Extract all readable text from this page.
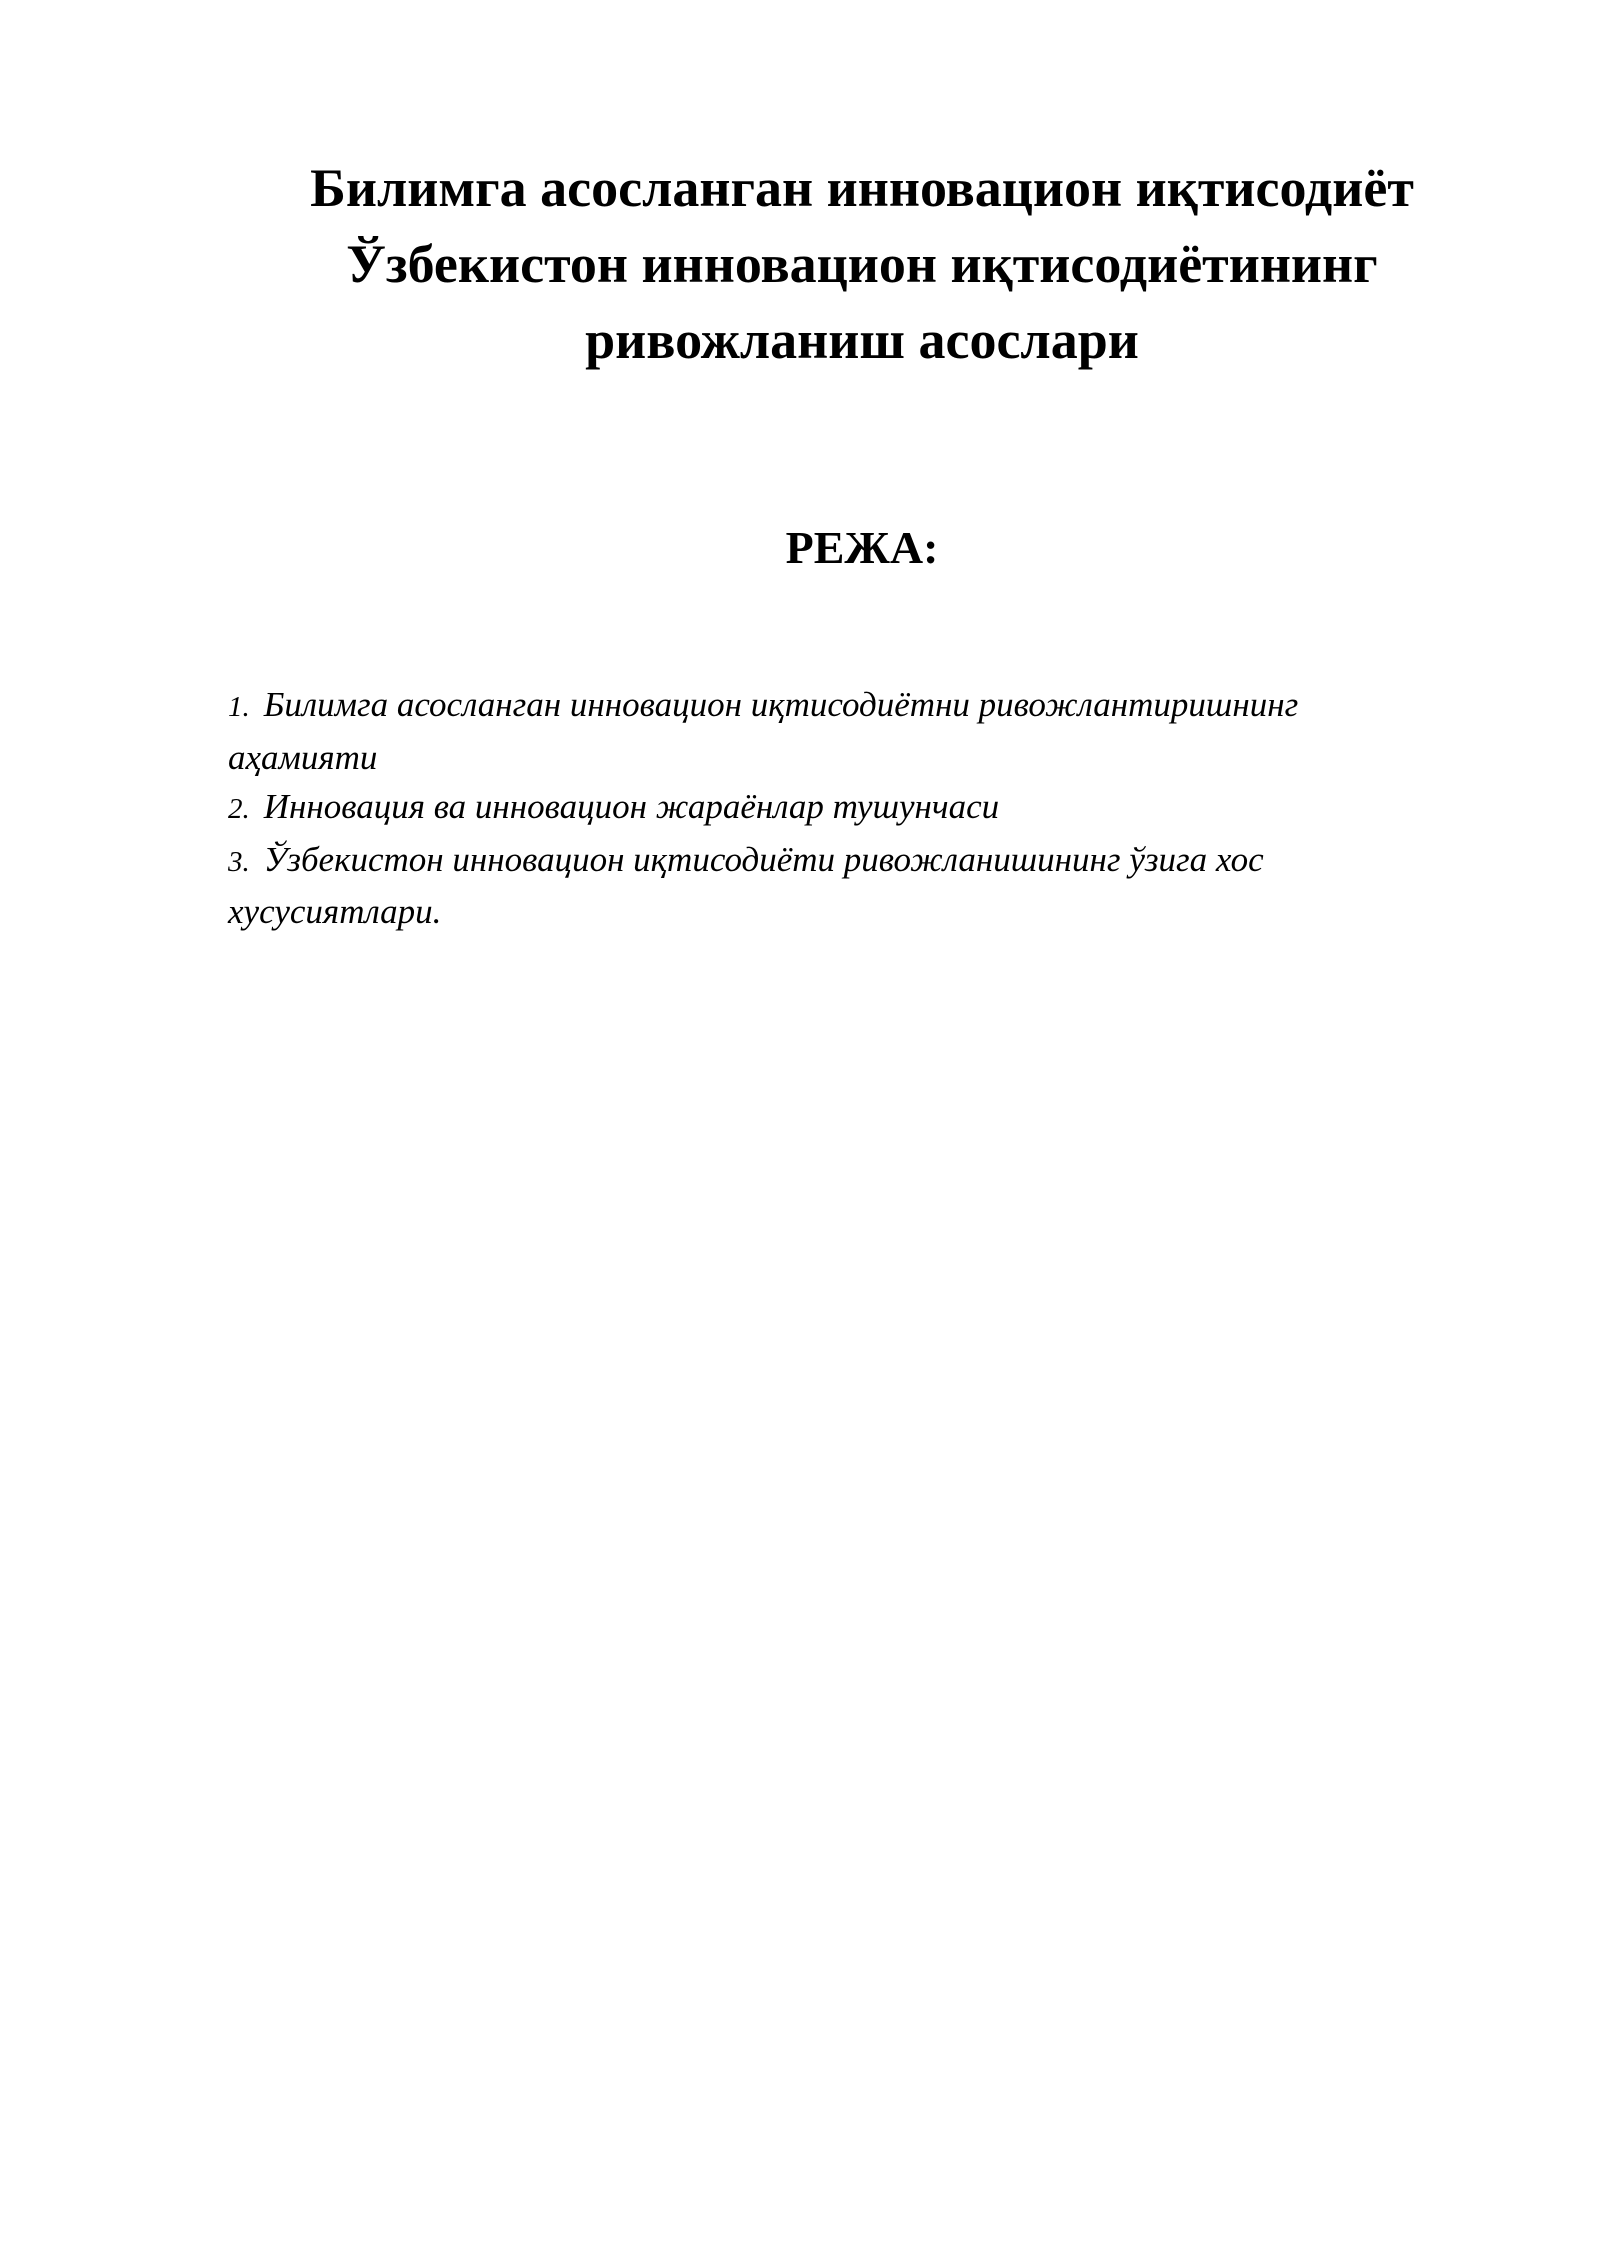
Билимга асосланган инновацион иқтисодиёт
Ўзбекистон инновацион иқтисодиётининг
ривожланиш асослари
РЕЖА:
1. Билимга асосланган инновацион иқтисодиётни ривожлантиришнинг аҳамияти
2. Инновация ва инновацион жараёнлар тушунчаси
3. Ўзбекистон инновацион иқтисодиёти ривожланишининг ўзига хос хусусиятлари.
